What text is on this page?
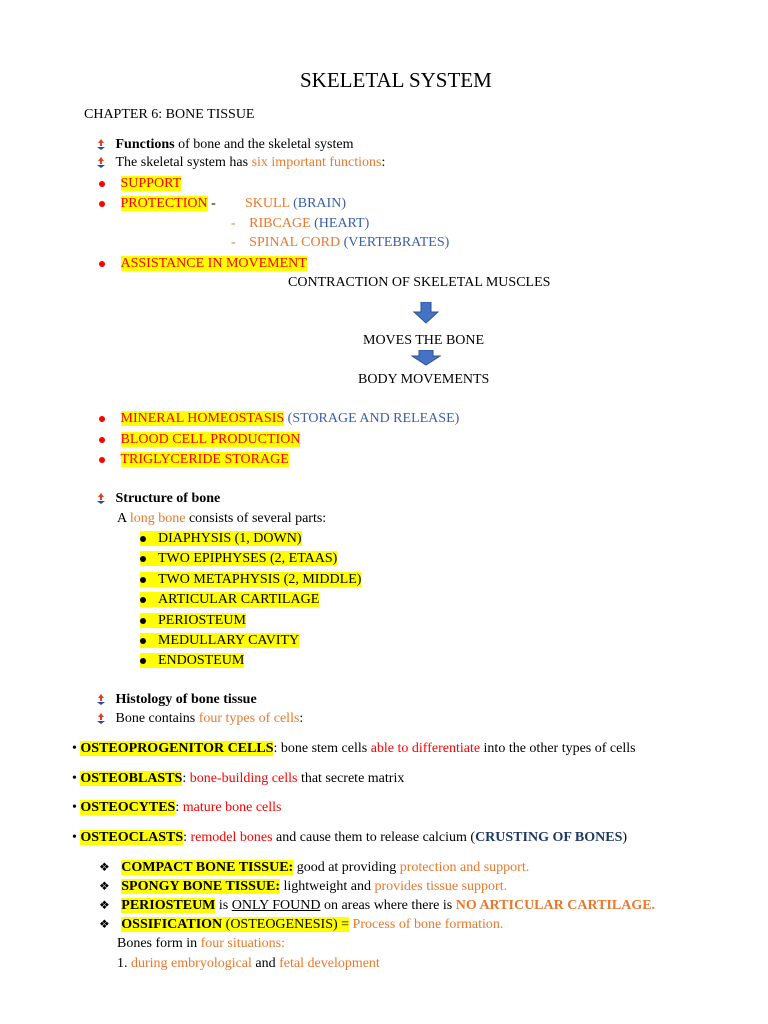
SKELETAL SYSTEM
CHAPTER 6: BONE TISSUE
Functions of bone and the skeletal system
The skeletal system has six important functions:
SUPPORT
PROTECTION - SKULL (BRAIN)
- RIBCAGE (HEART)
- SPINAL CORD (VERTEBRATES)
ASSISTANCE IN MOVEMENT
CONTRACTION OF SKELETAL MUSCLES
MOVES THE BONE
BODY MOVEMENTS
MINERAL HOMEOSTASIS (STORAGE AND RELEASE)
BLOOD CELL PRODUCTION
TRIGLYCERIDE STORAGE
Structure of bone
A long bone consists of several parts:
DIAPHYSIS (1, DOWN)
TWO EPIPHYSES (2, ETAAS)
TWO METAPHYSIS (2, MIDDLE)
ARTICULAR CARTILAGE
PERIOSTEUM
MEDULLARY CAVITY
ENDOSTEUM
Histology of bone tissue
Bone contains four types of cells:
• OSTEOPROGENITOR CELLS: bone stem cells able to differentiate into the other types of cells
• OSTEOBLASTS: bone-building cells that secrete matrix
• OSTEOCYTES: mature bone cells
• OSTEOCLASTS: remodel bones and cause them to release calcium (CRUSTING OF BONES)
❖ COMPACT BONE TISSUE: good at providing protection and support.
❖ SPONGY BONE TISSUE: lightweight and provides tissue support.
❖ PERIOSTEUM is ONLY FOUND on areas where there is NO ARTICULAR CARTILAGE.
❖ OSSIFICATION (OSTEOGENESIS) = Process of bone formation.
Bones form in four situations:
1. during embryological and fetal development
